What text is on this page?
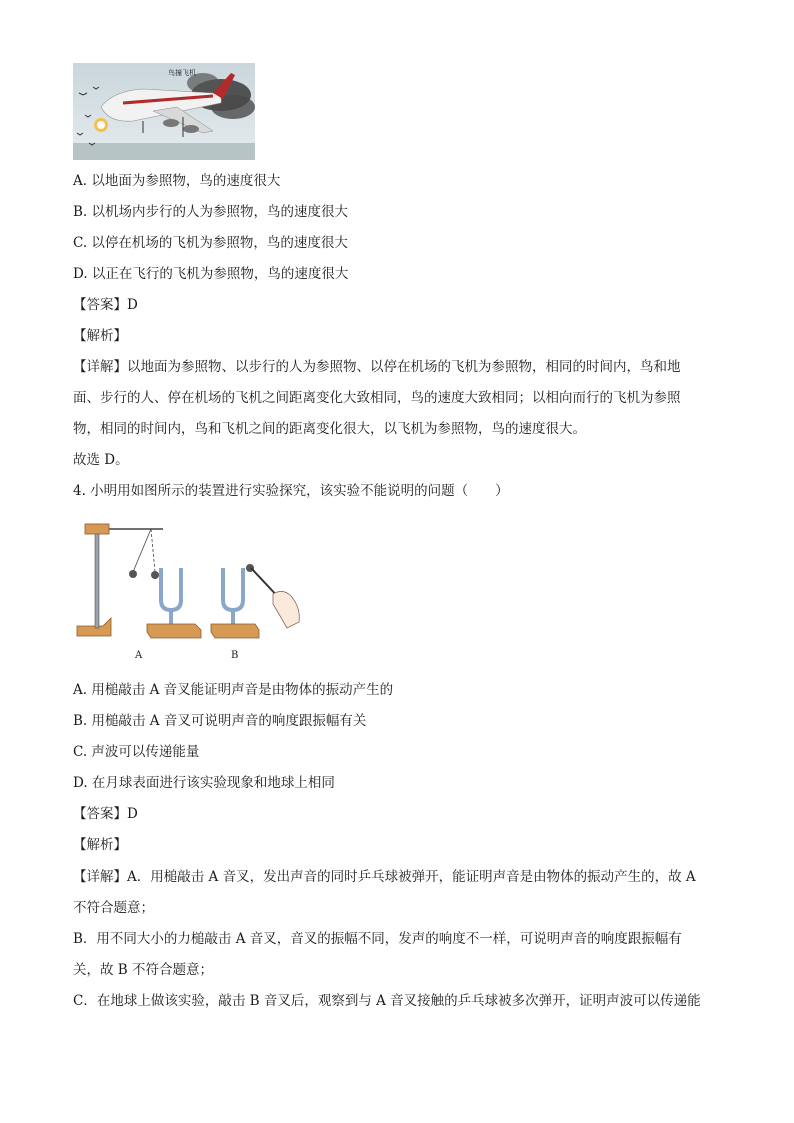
鸟撞飞机
A. 以地面为参照物，鸟的速度很大
B. 以机场内步行的人为参照物，鸟的速度很大
C. 以停在机场的飞机为参照物，鸟的速度很大
D. 以正在飞行的飞机为参照物，鸟的速度很大
【答案】D
【解析】
【详解】以地面为参照物、以步行的人为参照物、以停在机场的飞机为参照物，相同的时间内，鸟和地
面、步行的人、停在机场的飞机之间距离变化大致相同，鸟的速度大致相同；以相向而行的飞机为参照
物，相同的时间内，鸟和飞机之间的距离变化很大，以飞机为参照物，鸟的速度很大。
故选 D。
4. 小明用如图所示的装置进行实验探究，该实验不能说明的问题（　　）
A	B
A. 用槌敲击 A 音叉能证明声音是由物体的振动产生的
B. 用槌敲击 A 音叉可说明声音的响度跟振幅有关
C. 声波可以传递能量
D. 在月球表面进行该实验现象和地球上相同
【答案】D
【解析】
【详解】A．用槌敲击 A 音叉，发出声音的同时乒乓球被弹开，能证明声音是由物体的振动产生的，故 A
不符合题意；
B．用不同大小的力槌敲击 A 音叉，音叉的振幅不同，发声的响度不一样，可说明声音的响度跟振幅有
关，故 B 不符合题意；
C．在地球上做该实验，敲击 B 音叉后，观察到与 A 音叉接触的乒乓球被多次弹开，证明声波可以传递能
